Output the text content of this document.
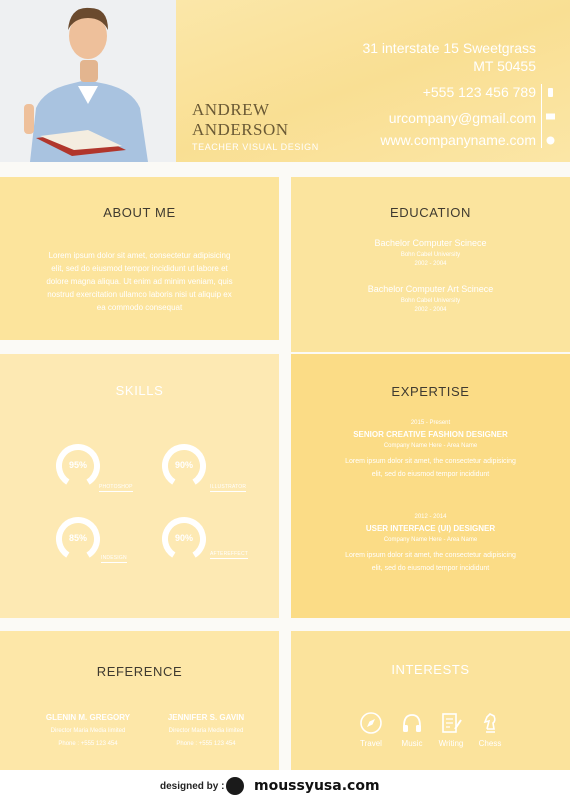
ANDREW
ANDERSON
TEACHER VISUAL DESIGN
31 interstate 15 Sweetgrass
MT 50455
+555 123 456 789
urcompany@gmail.com
www.companyname.com
ABOUT ME
Lorem ipsum dolor sit amet, consectetur adipisicing
elit, sed do eiusmod tempor incididunt ut labore et
dolore magna aliqua. Ut enim ad minim veniam, quis
nostrud exercitation ullamco laboris nisi ut aliquip ex
ea commodo consequat
EDUCATION
Bachelor Computer Scinece
Bohn Cabel University
2002 - 2004
Bachelor Computer Art Scinece
Bohn Cabel University
2002 - 2004
SKILLS
95%
PHOTOSHOP
90%
ILLUSTRATOR
85%
INDESIGN
90%
AFTEREFFECT
EXPERTISE
2015 - Present
SENIOR CREATIVE FASHION DESIGNER
Company Name Here - Area Name
Lorem ipsum dolor sit amet, the consectetur adipisicing
elit, sed do eiusmod tempor incididunt
2012 - 2014
USER INTERFACE (UI) DESIGNER
Company Name Here - Area Name
Lorem ipsum dolor sit amet, the consectetur adipisicing
elit, sed do eiusmod tempor incididunt
REFERENCE
GLENIN M. GREGORY
Director Maria Media limited
Phone : +555 123 454
JENNIFER S. GAVIN
Director Maria Media limited
Phone : +555 123 454
INTERESTS
Travel	Music	Writing	Chess
designed by : moussyusa.com
